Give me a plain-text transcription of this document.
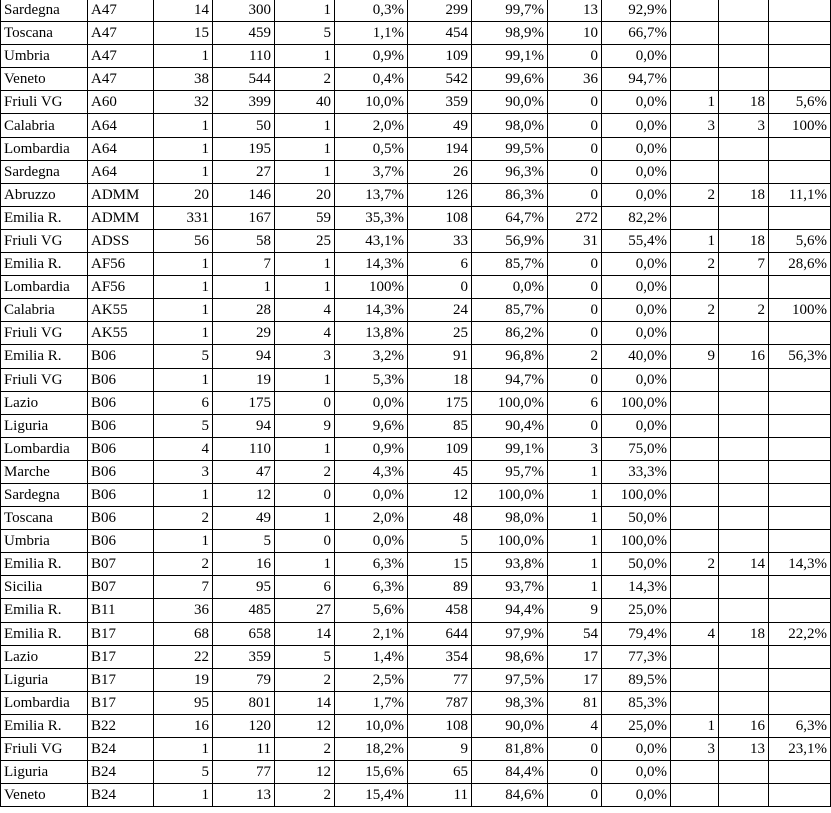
Sardegna	A47	14	300	1	0,3%	299	99,7%	13	92,9%			
Toscana	A47	15	459	5	1,1%	454	98,9%	10	66,7%			
Umbria	A47	1	110	1	0,9%	109	99,1%	0	0,0%			
Veneto	A47	38	544	2	0,4%	542	99,6%	36	94,7%			
Friuli VG	A60	32	399	40	10,0%	359	90,0%	0	0,0%	1	18	5,6%
Calabria	A64	1	50	1	2,0%	49	98,0%	0	0,0%	3	3	100%
Lombardia	A64	1	195	1	0,5%	194	99,5%	0	0,0%			
Sardegna	A64	1	27	1	3,7%	26	96,3%	0	0,0%			
Abruzzo	ADMM	20	146	20	13,7%	126	86,3%	0	0,0%	2	18	11,1%
Emilia R.	ADMM	331	167	59	35,3%	108	64,7%	272	82,2%			
Friuli VG	ADSS	56	58	25	43,1%	33	56,9%	31	55,4%	1	18	5,6%
Emilia R.	AF56	1	7	1	14,3%	6	85,7%	0	0,0%	2	7	28,6%
Lombardia	AF56	1	1	1	100%	0	0,0%	0	0,0%			
Calabria	AK55	1	28	4	14,3%	24	85,7%	0	0,0%	2	2	100%
Friuli VG	AK55	1	29	4	13,8%	25	86,2%	0	0,0%			
Emilia R.	B06	5	94	3	3,2%	91	96,8%	2	40,0%	9	16	56,3%
Friuli VG	B06	1	19	1	5,3%	18	94,7%	0	0,0%			
Lazio	B06	6	175	0	0,0%	175	100,0%	6	100,0%			
Liguria	B06	5	94	9	9,6%	85	90,4%	0	0,0%			
Lombardia	B06	4	110	1	0,9%	109	99,1%	3	75,0%			
Marche	B06	3	47	2	4,3%	45	95,7%	1	33,3%			
Sardegna	B06	1	12	0	0,0%	12	100,0%	1	100,0%			
Toscana	B06	2	49	1	2,0%	48	98,0%	1	50,0%			
Umbria	B06	1	5	0	0,0%	5	100,0%	1	100,0%			
Emilia R.	B07	2	16	1	6,3%	15	93,8%	1	50,0%	2	14	14,3%
Sicilia	B07	7	95	6	6,3%	89	93,7%	1	14,3%			
Emilia R.	B11	36	485	27	5,6%	458	94,4%	9	25,0%			
Emilia R.	B17	68	658	14	2,1%	644	97,9%	54	79,4%	4	18	22,2%
Lazio	B17	22	359	5	1,4%	354	98,6%	17	77,3%			
Liguria	B17	19	79	2	2,5%	77	97,5%	17	89,5%			
Lombardia	B17	95	801	14	1,7%	787	98,3%	81	85,3%			
Emilia R.	B22	16	120	12	10,0%	108	90,0%	4	25,0%	1	16	6,3%
Friuli VG	B24	1	11	2	18,2%	9	81,8%	0	0,0%	3	13	23,1%
Liguria	B24	5	77	12	15,6%	65	84,4%	0	0,0%			
Veneto	B24	1	13	2	15,4%	11	84,6%	0	0,0%			
